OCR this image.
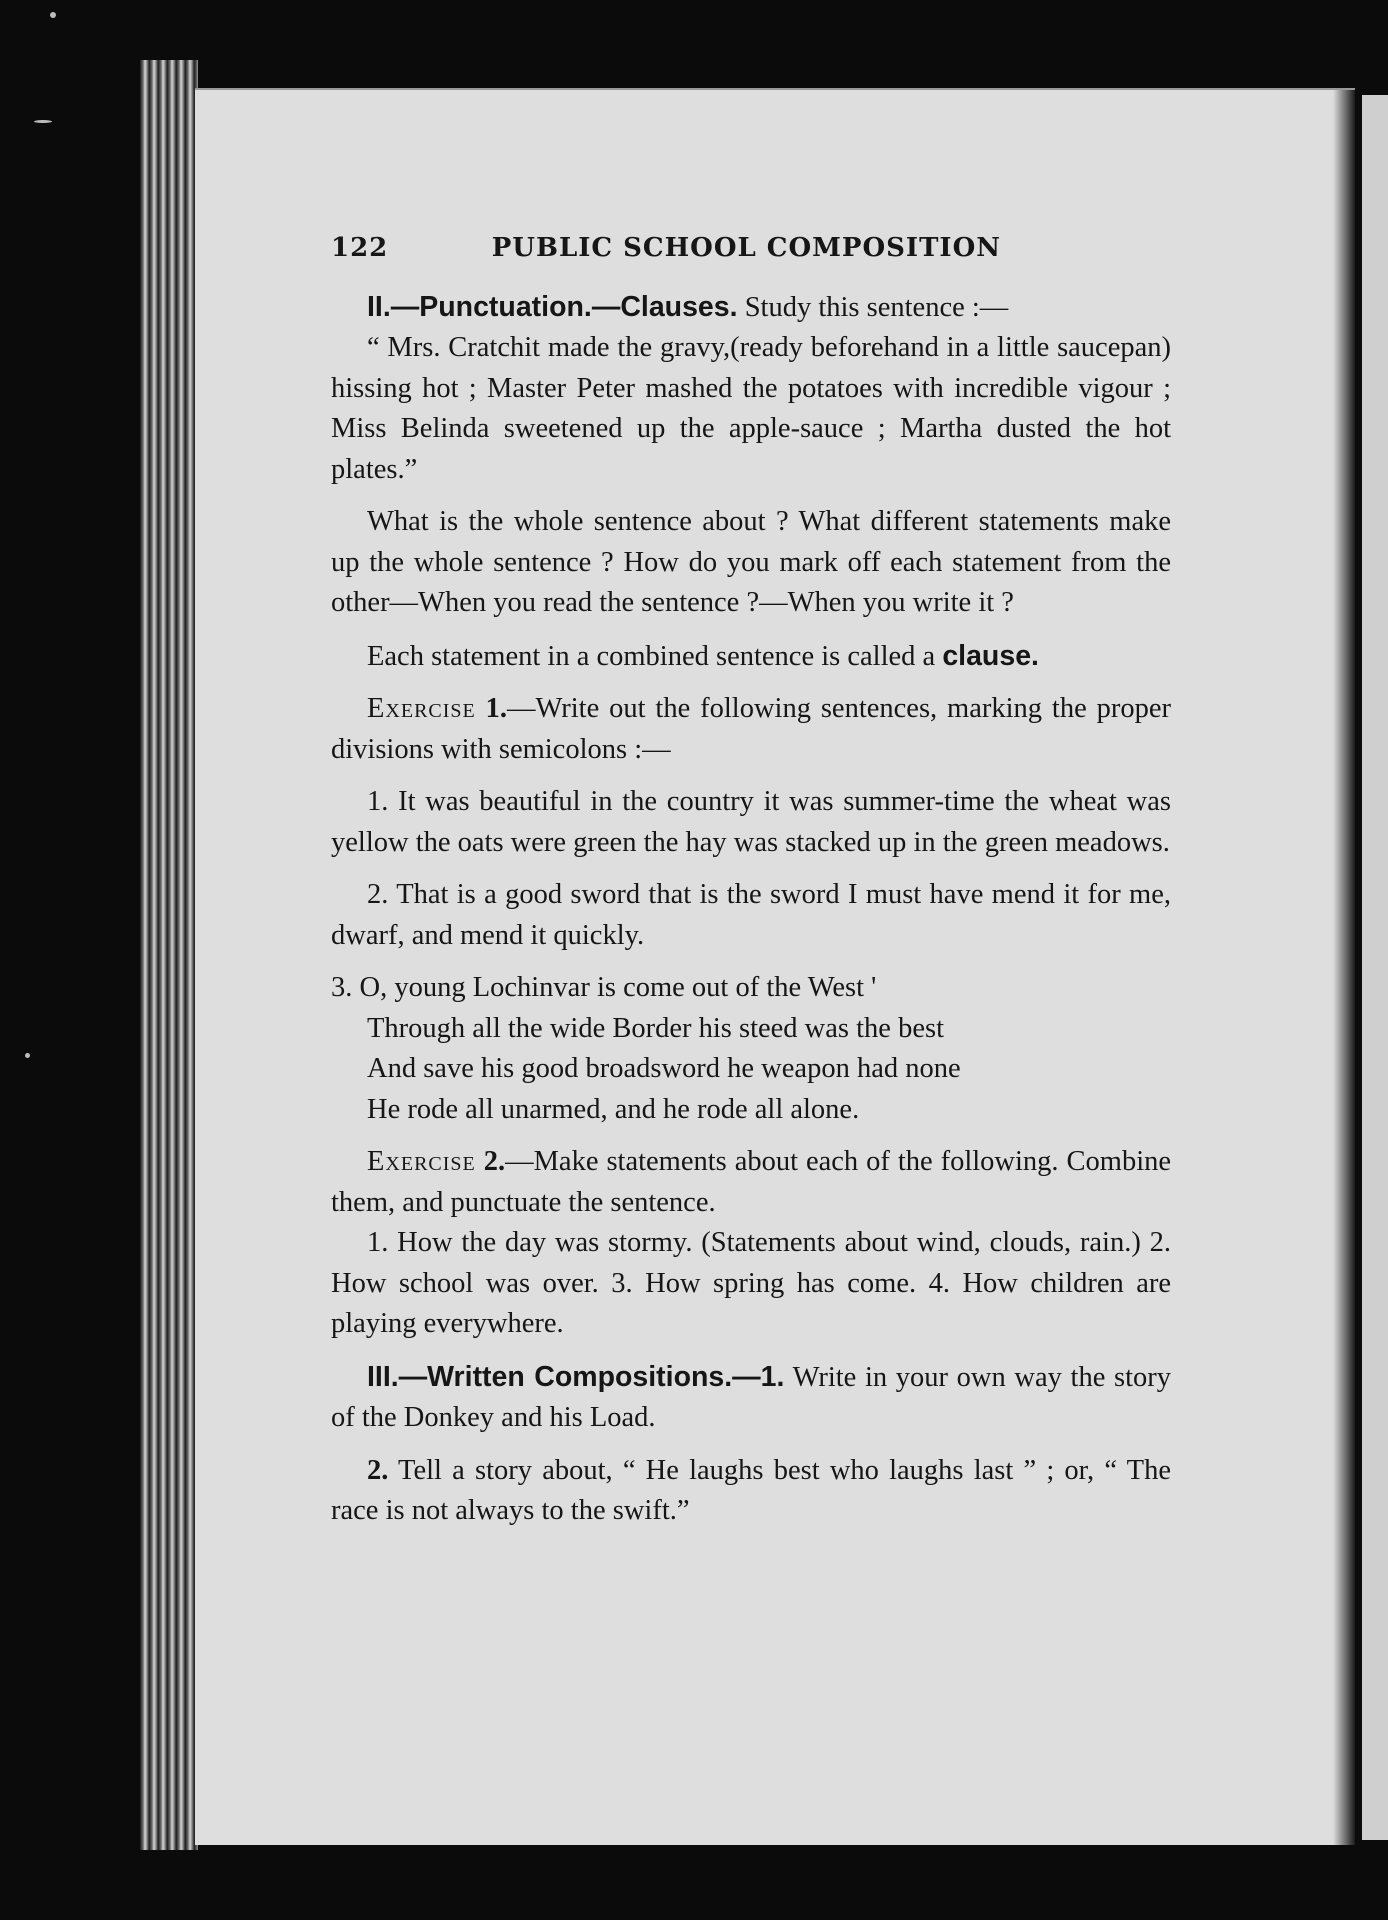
122	PUBLIC SCHOOL COMPOSITION

II.—Punctuation.—Clauses. Study this sentence :—

“ Mrs. Cratchit made the gravy,(ready beforehand in a little saucepan) hissing hot ; Master Peter mashed the potatoes with incredible vigour ; Miss Belinda sweetened up the apple-sauce ; Martha dusted the hot plates.”

What is the whole sentence about ? What different statements make up the whole sentence ? How do you mark off each statement from the other—When you read the sentence ?—When you write it ?

Each statement in a combined sentence is called a clause.

Exercise 1.—Write out the following sentences, marking the proper divisions with semicolons :—

1. It was beautiful in the country it was summer-time the wheat was yellow the oats were green the hay was stacked up in the green meadows.

2. That is a good sword that is the sword I must have mend it for me, dwarf, and mend it quickly.

3. O, young Lochinvar is come out of the West '
Through all the wide Border his steed was the best
And save his good broadsword he weapon had none
He rode all unarmed, and he rode all alone.

Exercise 2.—Make statements about each of the following. Combine them, and punctuate the sentence.

1. How the day was stormy. (Statements about wind, clouds, rain.) 2. How school was over. 3. How spring has come. 4. How children are playing everywhere.

III.—Written Compositions.—1. Write in your own way the story of the Donkey and his Load.

2. Tell a story about, “ He laughs best who laughs last ” ; or, “ The race is not always to the swift.”
